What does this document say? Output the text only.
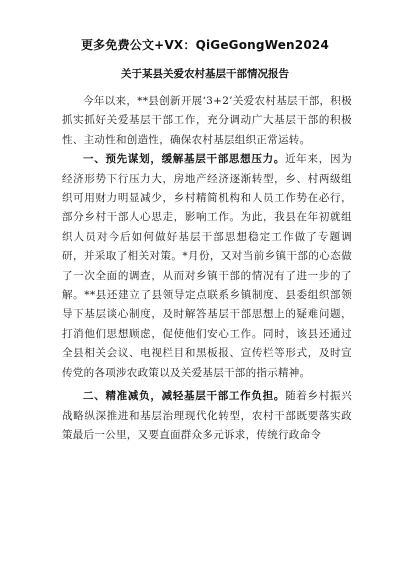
更多免费公文+VX：QiGeGongWen2024
关于某县关爱农村基层干部情况报告

今年以来，**县创新开展‘3+2’关爱农村基层干部，积极抓实抓好关爱基层干部工作，充分调动广大基层干部的积极性、主动性和创造性，确保农村基层组织正常运转。

一、预先谋划，缓解基层干部思想压力。近年来，因为经济形势下行压力大，房地产经济逐渐转型，乡、村两级组织可用财力明显减少，乡村精简机构和人员工作势在必行，部分乡村干部人心思走，影响工作。为此，我县在年初就组织人员对今后如何做好基层干部思想稳定工作做了专题调研，并采取了相关对策。*月份，又对当前乡镇干部的心态做了一次全面的调查，从而对乡镇干部的情况有了进一步的了解。**县还建立了县领导定点联系乡镇制度、县委组织部领导下基层谈心制度，及时解答基层干部思想上的疑难问题，打消他们思想顾虑，促使他们安心工作。同时，该县还通过全县相关会议、电视栏目和黑板报、宣传栏等形式，及时宣传党的各项涉农政策以及关爱基层干部的指示精神。

二、精准减负，减轻基层干部工作负担。随着乡村振兴战略纵深推进和基层治理现代化转型，农村干部既要落实政策最后一公里，又要直面群众多元诉求，传统行政命令
